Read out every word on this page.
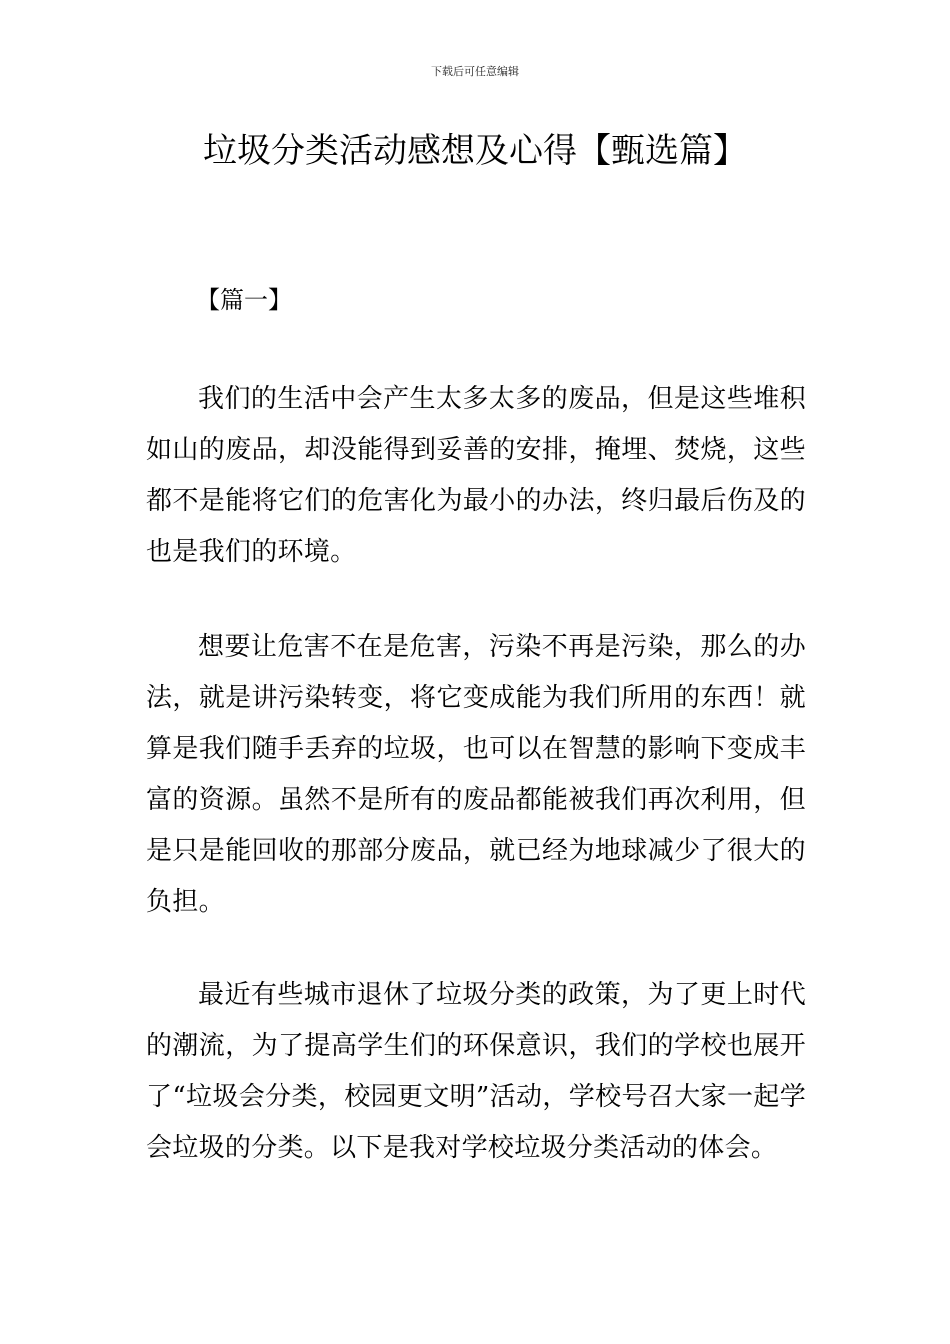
下载后可任意编辑
垃圾分类活动感想及心得【甄选篇】
【篇一】

我们的生活中会产生太多太多的废品，但是这些堆积如山的废品，却没能得到妥善的安排，掩埋、焚烧，这些都不是能将它们的危害化为最小的办法，终归最后伤及的也是我们的环境。

想要让危害不在是危害，污染不再是污染，那么的办法，就是讲污染转变，将它变成能为我们所用的东西！就算是我们随手丢弃的垃圾，也可以在智慧的影响下变成丰富的资源。虽然不是所有的废品都能被我们再次利用，但是只是能回收的那部分废品，就已经为地球减少了很大的负担。

最近有些城市退休了垃圾分类的政策，为了更上时代的潮流，为了提高学生们的环保意识，我们的学校也展开了“垃圾会分类，校园更文明”活动，学校号召大家一起学会垃圾的分类。以下是我对学校垃圾分类活动的体会。
